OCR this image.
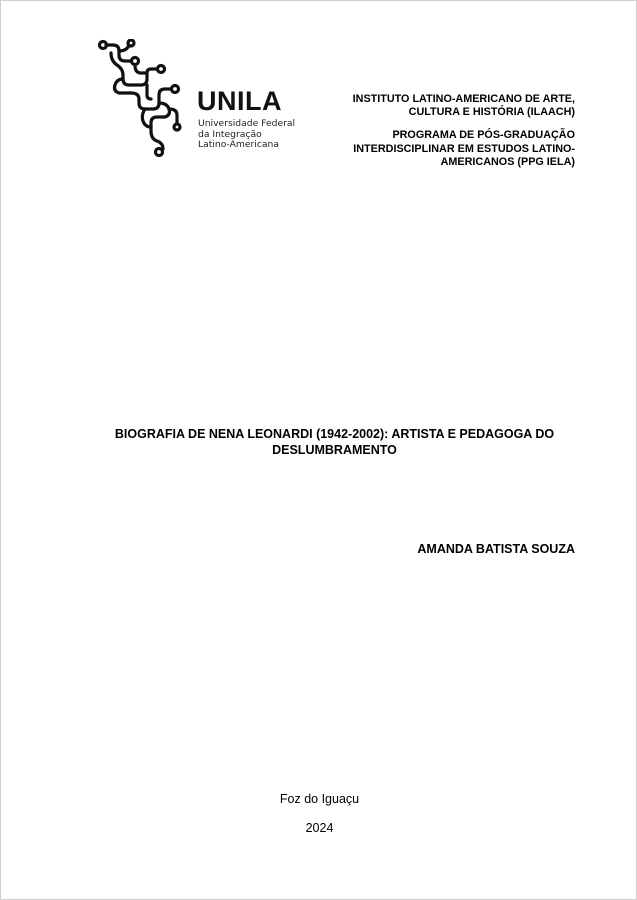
UNILA
Universidade Federal
da Integração
Latino-Americana
INSTITUTO LATINO-AMERICANO DE ARTE, CULTURA E HISTÓRIA (ILAACH)
PROGRAMA DE PÓS-GRADUAÇÃO INTERDISCIPLINAR EM ESTUDOS LATINO-AMERICANOS (PPG IELA)
BIOGRAFIA DE NENA LEONARDI (1942-2002): ARTISTA E PEDAGOGA DO DESLUMBRAMENTO
AMANDA BATISTA SOUZA
Foz do Iguaçu
2024
